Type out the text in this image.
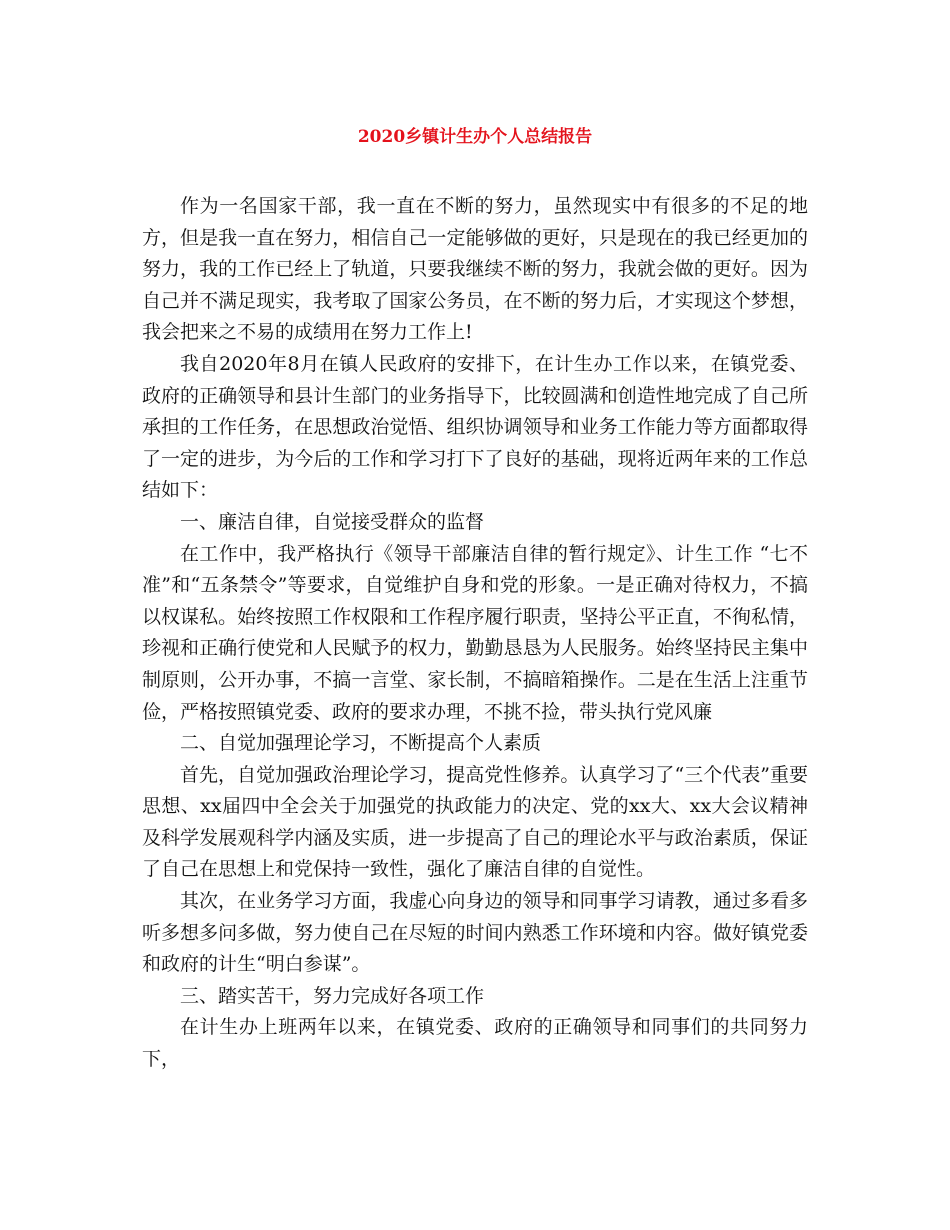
2020乡镇计生办个人总结报告

作为一名国家干部，我一直在不断的努力，虽然现实中有很多的不足的地方，但是我一直在努力，相信自己一定能够做的更好，只是现在的我已经更加的努力，我的工作已经上了轨道，只要我继续不断的努力，我就会做的更好。因为自己并不满足现实，我考取了国家公务员，在不断的努力后，才实现这个梦想，我会把来之不易的成绩用在努力工作上!

我自2020年8月在镇人民政府的安排下，在计生办工作以来，在镇党委、政府的正确领导和县计生部门的业务指导下，比较圆满和创造性地完成了自己所承担的工作任务，在思想政治觉悟、组织协调领导和业务工作能力等方面都取得了一定的进步，为今后的工作和学习打下了良好的基础，现将近两年来的工作总结如下：

一、廉洁自律，自觉接受群众的监督

在工作中，我严格执行《领导干部廉洁自律的暂行规定》、计生工作 “七不准”和“五条禁令”等要求，自觉维护自身和党的形象。一是正确对待权力，不搞以权谋私。始终按照工作权限和工作程序履行职责，坚持公平正直，不徇私情，珍视和正确行使党和人民赋予的权力，勤勤恳恳为人民服务。始终坚持民主集中制原则，公开办事，不搞一言堂、家长制，不搞暗箱操作。二是在生活上注重节俭，严格按照镇党委、政府的要求办理，不挑不捡，带头执行党风廉

二、自觉加强理论学习，不断提高个人素质

首先，自觉加强政治理论学习，提高党性修养。认真学习了“三个代表”重要思想、xx届四中全会关于加强党的执政能力的决定、党的xx大、xx大会议精神及科学发展观科学内涵及实质，进一步提高了自己的理论水平与政治素质，保证了自己在思想上和党保持一致性，强化了廉洁自律的自觉性。

其次，在业务学习方面，我虚心向身边的领导和同事学习请教，通过多看多听多想多问多做，努力使自己在尽短的时间内熟悉工作环境和内容。做好镇党委和政府的计生“明白参谋”。

三、踏实苦干，努力完成好各项工作

在计生办上班两年以来，在镇党委、政府的正确领导和同事们的共同努力下，
